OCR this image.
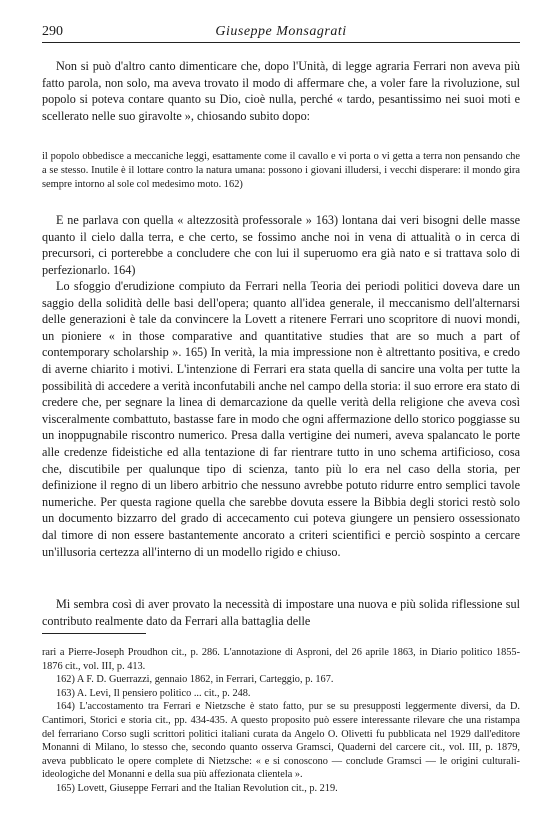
290	Giuseppe Monsagrati

Non si può d'altro canto dimenticare che, dopo l'Unità, di legge agraria Ferrari non aveva più fatto parola, non solo, ma aveva trovato il modo di affermare che, a voler fare la rivoluzione, sul popolo si poteva contare quanto su Dio, cioè nulla, perché « tardo, pesantissimo nei suoi moti e scellerato nelle suo giravolte », chiosando subito dopo:

il popolo obbedisce a meccaniche leggi, esattamente come il cavallo e vi porta o vi getta a terra non pensando che a se stesso. Inutile è il lottare contro la natura umana: possono i giovani illudersi, i vecchi disperare: il mondo gira sempre intorno al sole col medesimo moto. 162)

E ne parlava con quella « altezzosità professorale » 163) lontana dai veri bisogni delle masse quanto il cielo dalla terra, e che certo, se fossimo anche noi in vena di attualità o in cerca di precursori, ci porterebbe a concludere che con lui il superuomo era già nato e si trattava solo di perfezionarlo. 164)

Lo sfoggio d'erudizione compiuto da Ferrari nella Teoria dei periodi politici doveva dare un saggio della solidità delle basi dell'opera; quanto all'idea generale, il meccanismo dell'alternarsi delle generazioni è tale da convincere la Lovett a ritenere Ferrari uno scopritore di nuovi mondi, un pioniere « in those comparative and quantitative studies that are so much a part of contemporary scholarship ». 165) In verità, la mia impressione non è altrettanto positiva, e credo di averne chiarito i motivi. L'intenzione di Ferrari era stata quella di sancire una volta per tutte la possibilità di accedere a verità inconfutabili anche nel campo della storia: il suo errore era stato di credere che, per segnare la linea di demarcazione da quelle verità della religione che aveva così visceralmente combattuto, bastasse fare in modo che ogni affermazione dello storico poggiasse su un inoppugnabile riscontro numerico. Presa dalla vertigine dei numeri, aveva spalancato le porte alle credenze fideistiche ed alla tentazione di far rientrare tutto in uno schema artificioso, cosa che, discutibile per qualunque tipo di scienza, tanto più lo era nel caso della storia, per definizione il regno di un libero arbitrio che nessuno avrebbe potuto ridurre entro semplici tavole numeriche. Per questa ragione quella che sarebbe dovuta essere la Bibbia degli storici restò solo un documento bizzarro del grado di accecamento cui poteva giungere un pensiero ossessionato dal timore di non essere bastantemente ancorato a criteri scientifici e perciò sospinto a cercare un'illusoria certezza all'interno di un modello rigido e chiuso.

Mi sembra così di aver provato la necessità di impostare una nuova e più solida riflessione sul contributo realmente dato da Ferrari alla battaglia delle

rari a Pierre-Joseph Proudhon cit., p. 286. L'annotazione di Asproni, del 26 aprile 1863, in Diario politico 1855-1876 cit., vol. III, p. 413.

162) A F. D. Guerrazzi, gennaio 1862, in Ferrari, Carteggio, p. 167.

163) A. Levi, Il pensiero politico ... cit., p. 248.

164) L'accostamento tra Ferrari e Nietzsche è stato fatto, pur se su presupposti leggermente diversi, da D. Cantimori, Storici e storia cit., pp. 434-435. A questo proposito può essere interessante rilevare che una ristampa del ferrariano Corso sugli scrittori politici italiani curata da Angelo O. Olivetti fu pubblicata nel 1929 dall'editore Monanni di Milano, lo stesso che, secondo quanto osserva Gramsci, Quaderni del carcere cit., vol. III, p. 1879, aveva pubblicato le opere complete di Nietzsche: « e si conoscono — conclude Gramsci — le origini culturali-ideologiche del Monanni e della sua più affezionata clientela ».

165) Lovett, Giuseppe Ferrari and the Italian Revolution cit., p. 219.
